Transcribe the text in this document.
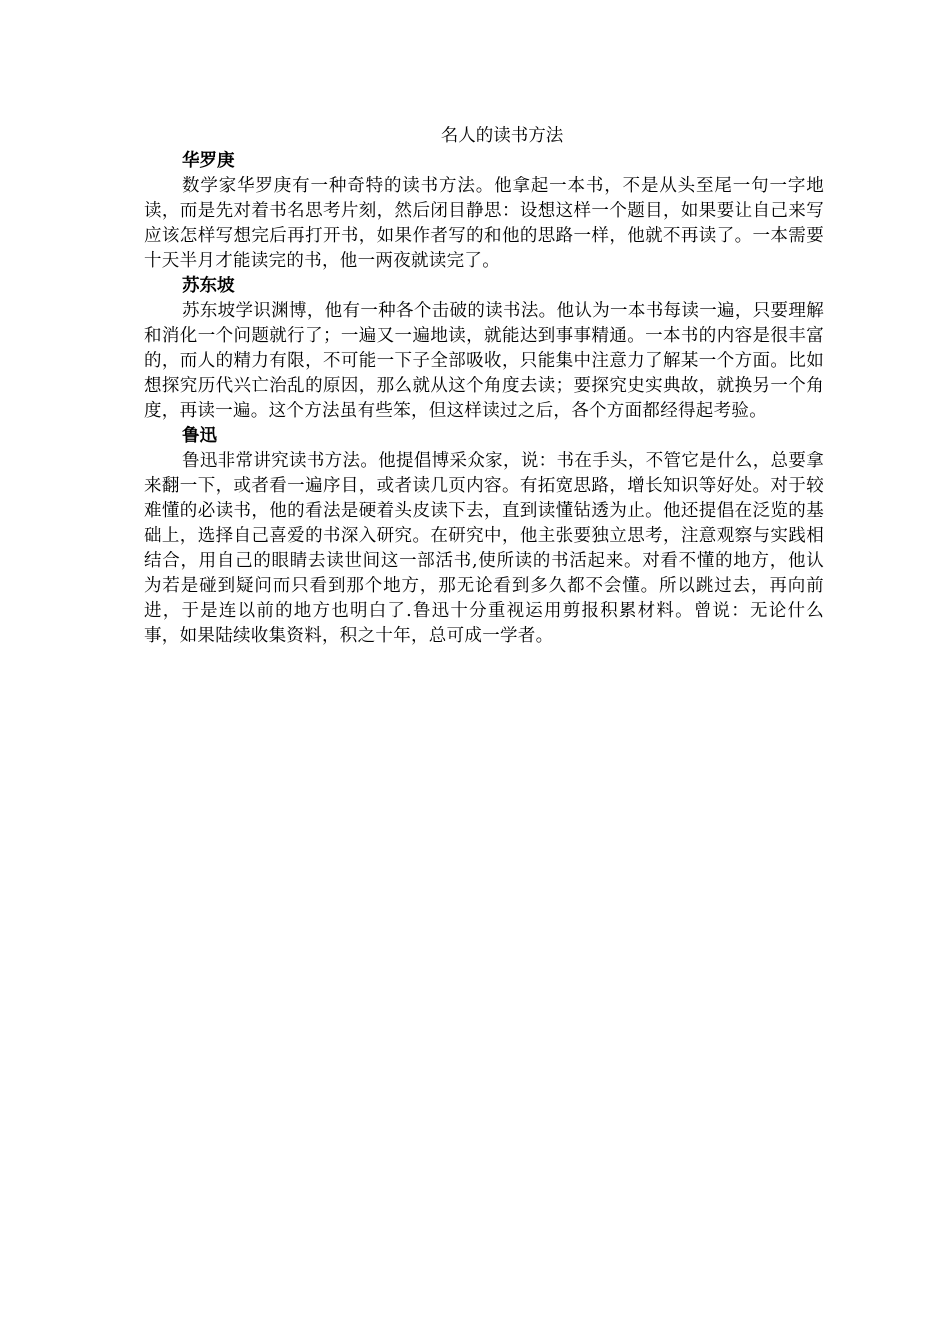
名人的读书方法
华罗庚

数学家华罗庚有一种奇特的读书方法。他拿起一本书，不是从头至尾一句一字地读，而是先对着书名思考片刻，然后闭目静思：设想这样一个题目，如果要让自己来写应该怎样写想完后再打开书，如果作者写的和他的思路一样，他就不再读了。一本需要十天半月才能读完的书，他一两夜就读完了。

苏东坡

苏东坡学识渊博，他有一种各个击破的读书法。他认为一本书每读一遍，只要理解和消化一个问题就行了；一遍又一遍地读，就能达到事事精通。一本书的内容是很丰富的，而人的精力有限，不可能一下子全部吸收，只能集中注意力了解某一个方面。比如想探究历代兴亡治乱的原因，那么就从这个角度去读；要探究史实典故，就换另一个角度，再读一遍。这个方法虽有些笨，但这样读过之后，各个方面都经得起考验。

鲁迅

鲁迅非常讲究读书方法。他提倡博采众家，说：书在手头，不管它是什么，总要拿来翻一下，或者看一遍序目，或者读几页内容。有拓宽思路，增长知识等好处。对于较难懂的必读书，他的看法是硬着头皮读下去，直到读懂钻透为止。他还提倡在泛览的基础上，选择自己喜爱的书深入研究。在研究中，他主张要独立思考，注意观察与实践相结合，用自己的眼睛去读世间这一部活书,使所读的书活起来。对看不懂的地方，他认为若是碰到疑问而只看到那个地方，那无论看到多久都不会懂。所以跳过去，再向前进，于是连以前的地方也明白了.鲁迅十分重视运用剪报积累材料。曾说：无论什么事，如果陆续收集资料，积之十年，总可成一学者。
